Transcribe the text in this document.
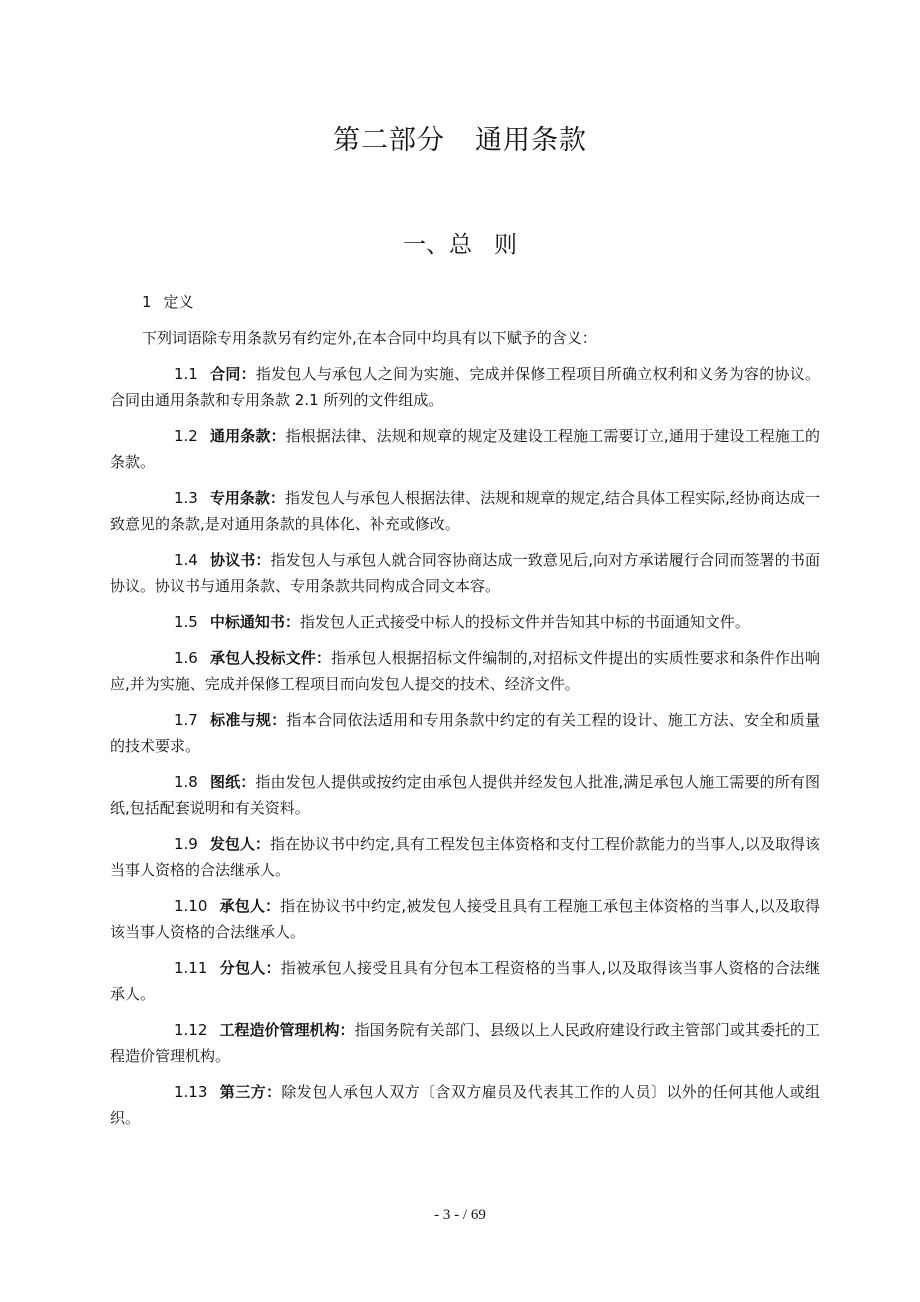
第二部分 通用条款
一、总 则

1 定义

下列词语除专用条款另有约定外,在本合同中均具有以下赋予的含义：

1.1 合同：指发包人与承包人之间为实施、完成并保修工程项目所确立权利和义务为容的协议。合同由通用条款和专用条款 2.1 所列的文件组成。

1.2 通用条款：指根据法律、法规和规章的规定及建设工程施工需要订立,通用于建设工程施工的条款。

1.3 专用条款：指发包人与承包人根据法律、法规和规章的规定,结合具体工程实际,经协商达成一致意见的条款,是对通用条款的具体化、补充或修改。

1.4 协议书：指发包人与承包人就合同容协商达成一致意见后,向对方承诺履行合同而签署的书面协议。协议书与通用条款、专用条款共同构成合同文本容。

1.5 中标通知书：指发包人正式接受中标人的投标文件并告知其中标的书面通知文件。

1.6 承包人投标文件：指承包人根据招标文件编制的,对招标文件提出的实质性要求和条件作出响应,并为实施、完成并保修工程项目而向发包人提交的技术、经济文件。

1.7 标准与规：指本合同依法适用和专用条款中约定的有关工程的设计、施工方法、安全和质量的技术要求。

1.8 图纸：指由发包人提供或按约定由承包人提供并经发包人批准,满足承包人施工需要的所有图纸,包括配套说明和有关资料。

1.9 发包人：指在协议书中约定,具有工程发包主体资格和支付工程价款能力的当事人,以及取得该当事人资格的合法继承人。

1.10 承包人：指在协议书中约定,被发包人接受且具有工程施工承包主体资格的当事人,以及取得该当事人资格的合法继承人。

1.11 分包人：指被承包人接受且具有分包本工程资格的当事人,以及取得该当事人资格的合法继承人。

1.12 工程造价管理机构：指国务院有关部门、县级以上人民政府建设行政主管部门或其委托的工程造价管理机构。

1.13 第三方：除发包人承包人双方〔含双方雇员及代表其工作的人员〕以外的任何其他人或组织。

- 3 - / 69
